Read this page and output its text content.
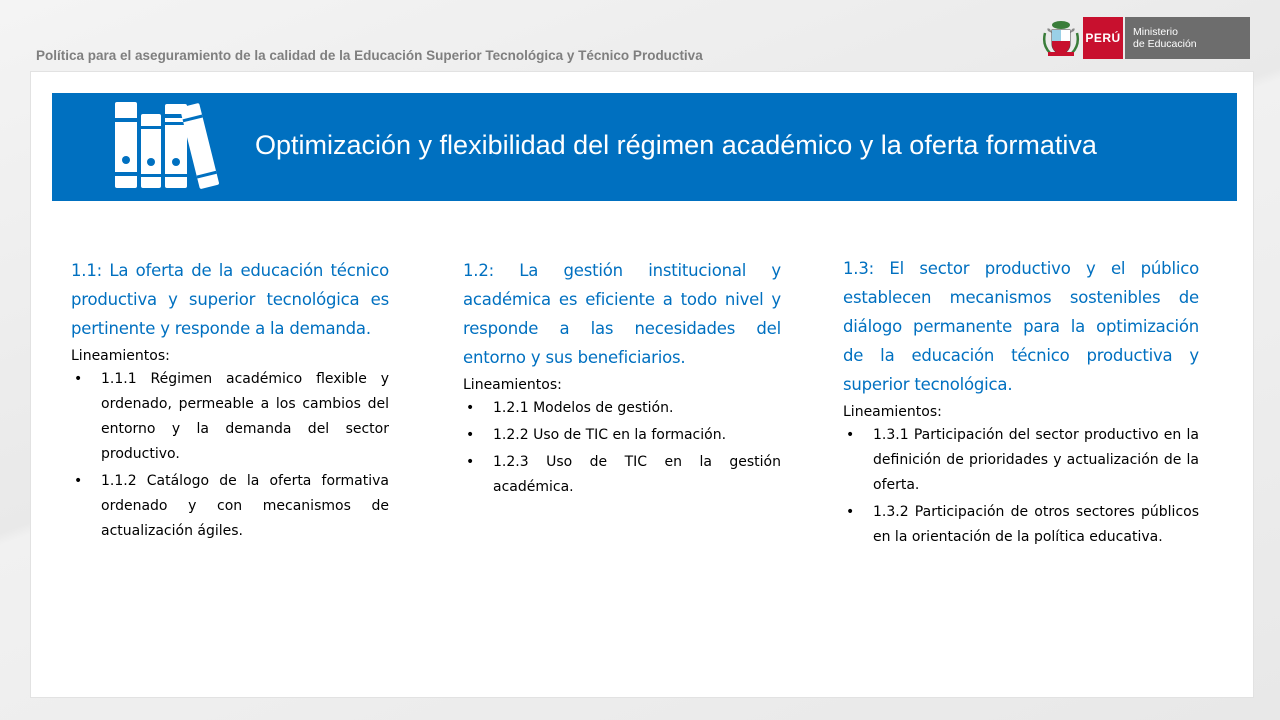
Política para el aseguramiento de la calidad de la Educación Superior Tecnológica y Técnico Productiva
PERÚ Ministerio
de Educación
Optimización y flexibilidad del régimen académico y la oferta formativa

1.1: La oferta de la educación técnico productiva y superior tecnológica es pertinente y responde a la demanda.

Lineamientos:

• 1.1.1 Régimen académico flexible y ordenado, permeable a los cambios del entorno y la demanda del sector productivo.
• 1.1.2 Catálogo de la oferta formativa ordenado y con mecanismos de actualización ágiles.

1.2: La gestión institucional y académica es eficiente a todo nivel y responde a las necesidades del entorno y sus beneficiarios.

Lineamientos:

• 1.2.1 Modelos de gestión.
• 1.2.2 Uso de TIC en la formación.
• 1.2.3 Uso de TIC en la gestión académica.

1.3: El sector productivo y el público establecen mecanismos sostenibles de diálogo permanente para la optimización de la educación técnico productiva y superior tecnológica.

Lineamientos:

• 1.3.1 Participación del sector productivo en la definición de prioridades y actualización de la oferta.
• 1.3.2 Participación de otros sectores públicos en la orientación de la política educativa.
